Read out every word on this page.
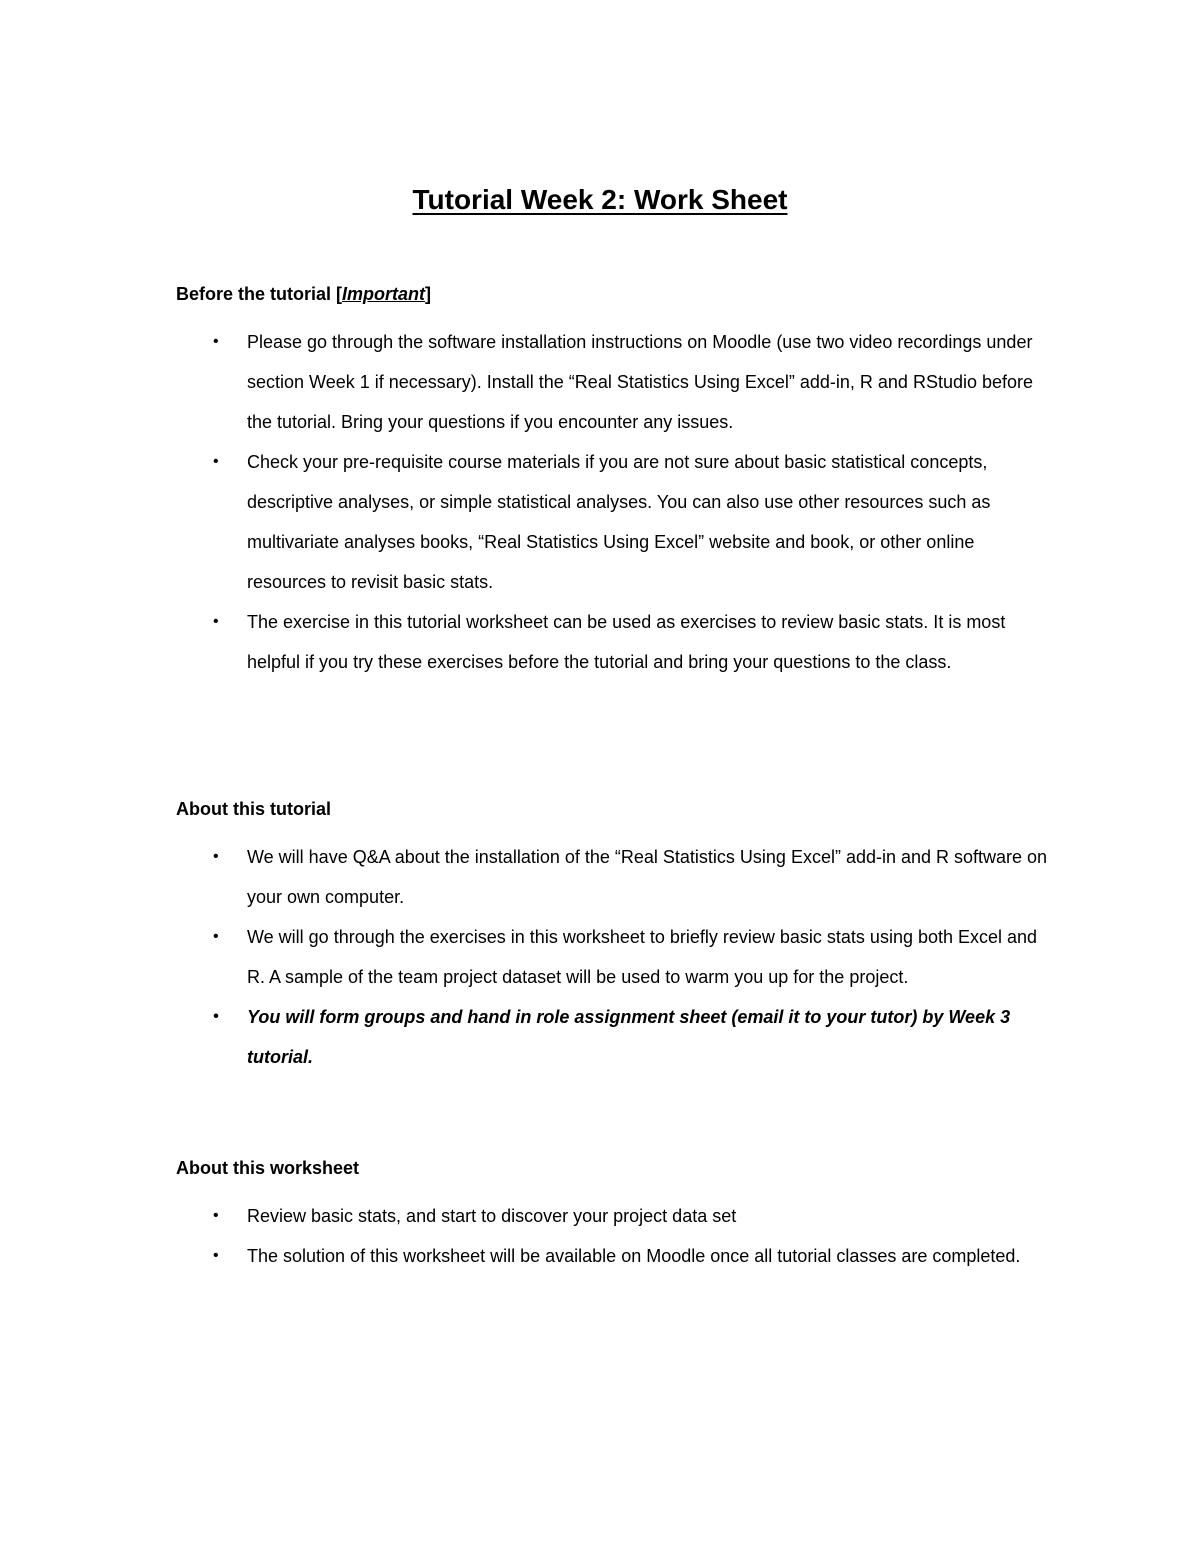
Tutorial Week 2: Work Sheet
Before the tutorial [Important]
• Please go through the software installation instructions on Moodle (use two video recordings under section Week 1 if necessary). Install the “Real Statistics Using Excel” add-in, R and RStudio before the tutorial. Bring your questions if you encounter any issues.
• Check your pre-requisite course materials if you are not sure about basic statistical concepts, descriptive analyses, or simple statistical analyses. You can also use other resources such as multivariate analyses books, “Real Statistics Using Excel” website and book, or other online resources to revisit basic stats.
• The exercise in this tutorial worksheet can be used as exercises to review basic stats. It is most helpful if you try these exercises before the tutorial and bring your questions to the class.
About this tutorial
• We will have Q&A about the installation of the “Real Statistics Using Excel” add-in and R software on your own computer.
• We will go through the exercises in this worksheet to briefly review basic stats using both Excel and R. A sample of the team project dataset will be used to warm you up for the project.
• You will form groups and hand in role assignment sheet (email it to your tutor) by Week 3 tutorial.
About this worksheet
• Review basic stats, and start to discover your project data set
• The solution of this worksheet will be available on Moodle once all tutorial classes are completed.
